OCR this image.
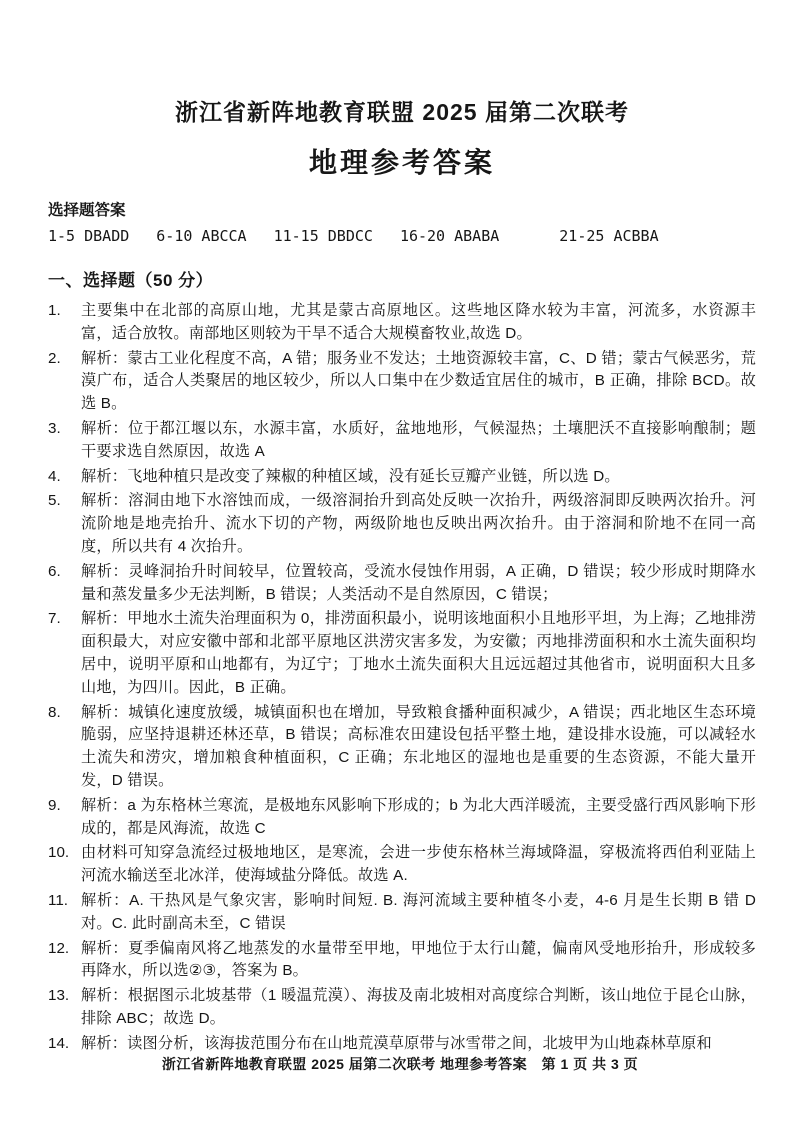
浙江省新阵地教育联盟 2025 届第二次联考
地理参考答案
选择题答案
1-5 DBADD 6-10 ABCCA 11-15 DBDCC 16-20 ABABA	21-25 ACBBA
一、选择题（50 分）
1.	主要集中在北部的高原山地，尤其是蒙古高原地区。这些地区降水较为丰富，河流多，水资源丰富，适合放牧。南部地区则较为干旱不适合大规模畜牧业,故选 D。
2.	解析：蒙古工业化程度不高，A 错；服务业不发达；土地资源较丰富，C、D 错；蒙古气候恶劣，荒漠广布，适合人类聚居的地区较少，所以人口集中在少数适宜居住的城市，B 正确，排除 BCD。故选 B。
3.	解析：位于都江堰以东，水源丰富，水质好，盆地地形，气候湿热；土壤肥沃不直接影响酿制；题干要求选自然原因，故选 A
4.	解析：飞地种植只是改变了辣椒的种植区域，没有延长豆瓣产业链，所以选 D。
5.	解析：溶洞由地下水溶蚀而成，一级溶洞抬升到高处反映一次抬升，两级溶洞即反映两次抬升。河流阶地是地壳抬升、流水下切的产物，两级阶地也反映出两次抬升。由于溶洞和阶地不在同一高度，所以共有 4 次抬升。
6.	解析：灵峰洞抬升时间较早，位置较高，受流水侵蚀作用弱，A 正确，D 错误；较少形成时期降水量和蒸发量多少无法判断，B 错误；人类活动不是自然原因，C 错误；
7.	解析：甲地水土流失治理面积为 0，排涝面积最小，说明该地面积小且地形平坦，为上海；乙地排涝面积最大，对应安徽中部和北部平原地区洪涝灾害多发，为安徽；丙地排涝面积和水土流失面积均居中，说明平原和山地都有，为辽宁；丁地水土流失面积大且远远超过其他省市，说明面积大且多山地，为四川。因此，B 正确。
8.	解析：城镇化速度放缓，城镇面积也在增加，导致粮食播种面积减少，A 错误；西北地区生态环境脆弱，应坚持退耕还林还草，B 错误；高标准农田建设包括平整土地，建设排水设施，可以减轻水土流失和涝灾，增加粮食种植面积，C 正确；东北地区的湿地也是重要的生态资源，不能大量开发，D 错误。
9.	解析：a 为东格林兰寒流，是极地东风影响下形成的；b 为北大西洋暖流，主要受盛行西风影响下形成的，都是风海流，故选 C
10. 由材料可知穿急流经过极地地区，是寒流，会进一步使东格林兰海域降温，穿极流将西伯利亚陆上河流水输送至北冰洋，使海域盐分降低。故选 A.
11. 解析：A. 干热风是气象灾害，影响时间短. B. 海河流域主要种植冬小麦，4-6 月是生长期 B 错 D 对。C. 此时副高未至，C 错误
12. 解析：夏季偏南风将乙地蒸发的水量带至甲地，甲地位于太行山麓，偏南风受地形抬升，形成较多再降水，所以选②③，答案为 B。
13. 解析：根据图示北坡基带（1 暖温荒漠）、海拔及南北坡相对高度综合判断，该山地位于昆仑山脉，排除 ABC；故选 D。
14. 解析：读图分析，该海拔范围分布在山地荒漠草原带与冰雪带之间，北坡甲为山地森林草原和
浙江省新阵地教育联盟 2025 届第二次联考 地理参考答案　第 1 页 共 3 页
